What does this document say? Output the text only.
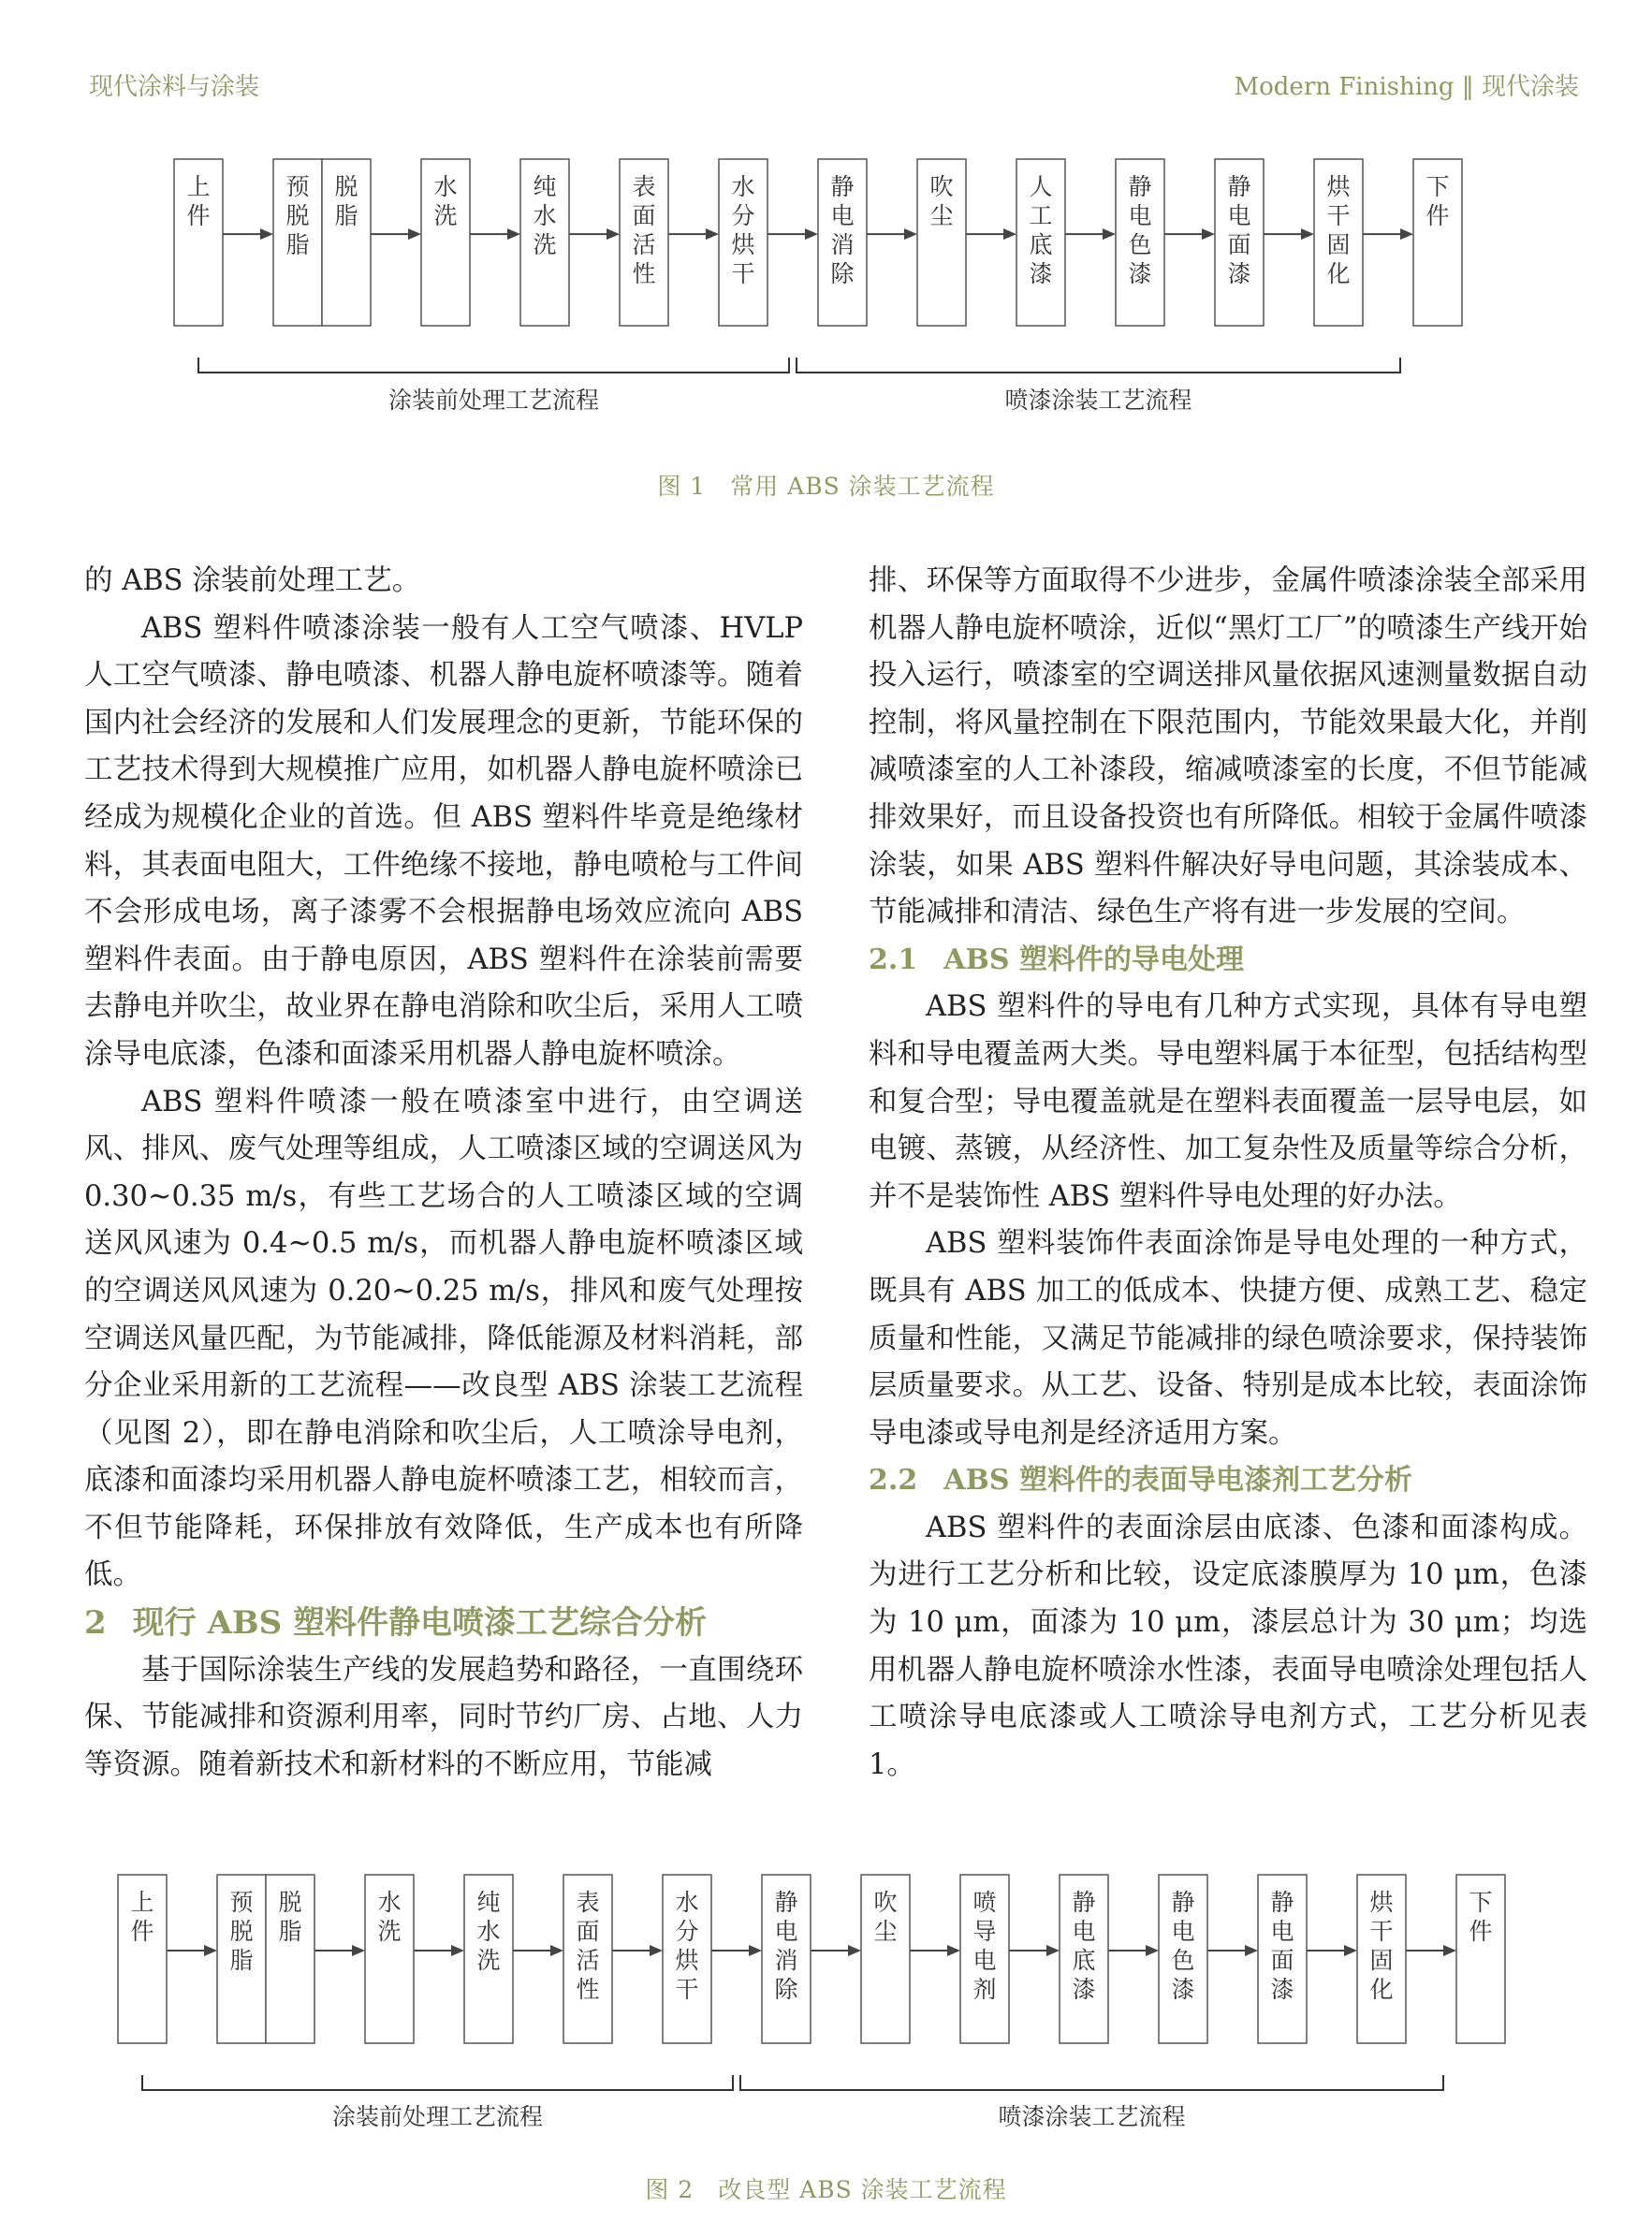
现代涂料与涂装	Modern Finishing ‖ 现代涂装
上
件
预
脱
脂
脱
脂
水
洗
纯
水
洗
表
面
活
性
水
分
烘
干
静
电
消
除
吹
尘
人
工
底
漆
静
电
色
漆
静
电
面
漆
烘
干
固
化
下
件
涂装前处理工艺流程	喷漆涂装工艺流程
图 1　常用 ABS 涂装工艺流程

的 ABS 涂装前处理工艺。

ABS 塑料件喷漆涂装一般有人工空气喷漆、HVLP 人工空气喷漆、静电喷漆、机器人静电旋杯喷漆等。随着国内社会经济的发展和人们发展理念的更新，节能环保的工艺技术得到大规模推广应用，如机器人静电旋杯喷涂已经成为规模化企业的首选。但 ABS 塑料件毕竟是绝缘材料，其表面电阻大，工件绝缘不接地，静电喷枪与工件间不会形成电场，离子漆雾不会根据静电场效应流向 ABS 塑料件表面。由于静电原因，ABS 塑料件在涂装前需要去静电并吹尘，故业界在静电消除和吹尘后，采用人工喷涂导电底漆，色漆和面漆采用机器人静电旋杯喷涂。

ABS 塑料件喷漆一般在喷漆室中进行，由空调送风、排风、废气处理等组成，人工喷漆区域的空调送风为 0.30~0.35 m/s，有些工艺场合的人工喷漆区域的空调送风风速为 0.4~0.5 m/s，而机器人静电旋杯喷漆区域的空调送风风速为 0.20~0.25 m/s，排风和废气处理按空调送风量匹配，为节能减排，降低能源及材料消耗，部分企业采用新的工艺流程——改良型 ABS 涂装工艺流程（见图 2），即在静电消除和吹尘后，人工喷涂导电剂，底漆和面漆均采用机器人静电旋杯喷漆工艺，相较而言，不但节能降耗，环保排放有效降低，生产成本也有所降低。

2 现行 ABS 塑料件静电喷漆工艺综合分析

基于国际涂装生产线的发展趋势和路径，一直围绕环保、节能减排和资源利用率，同时节约厂房、占地、人力等资源。随着新技术和新材料的不断应用，节能减

排、环保等方面取得不少进步，金属件喷漆涂装全部采用机器人静电旋杯喷涂，近似“黑灯工厂”的喷漆生产线开始投入运行，喷漆室的空调送排风量依据风速测量数据自动控制，将风量控制在下限范围内，节能效果最大化，并削减喷漆室的人工补漆段，缩减喷漆室的长度，不但节能减排效果好，而且设备投资也有所降低。相较于金属件喷漆涂装，如果 ABS 塑料件解决好导电问题，其涂装成本、节能减排和清洁、绿色生产将有进一步发展的空间。

2.1 ABS 塑料件的导电处理

ABS 塑料件的导电有几种方式实现，具体有导电塑料和导电覆盖两大类。导电塑料属于本征型，包括结构型和复合型；导电覆盖就是在塑料表面覆盖一层导电层，如电镀、蒸镀，从经济性、加工复杂性及质量等综合分析，并不是装饰性 ABS 塑料件导电处理的好办法。

ABS 塑料装饰件表面涂饰是导电处理的一种方式，既具有 ABS 加工的低成本、快捷方便、成熟工艺、稳定质量和性能，又满足节能减排的绿色喷涂要求，保持装饰层质量要求。从工艺、设备、特别是成本比较，表面涂饰导电漆或导电剂是经济适用方案。

2.2 ABS 塑料件的表面导电漆剂工艺分析

ABS 塑料件的表面涂层由底漆、色漆和面漆构成。为进行工艺分析和比较，设定底漆膜厚为 10 μm，色漆为 10 μm，面漆为 10 μm，漆层总计为 30 μm；均选用机器人静电旋杯喷涂水性漆，表面导电喷涂处理包括人工喷涂导电底漆或人工喷涂导电剂方式，工艺分析见表 1。

上
件
预
脱
脂
脱
脂
水
洗
纯
水
洗
表
面
活
性
水
分
烘
干
静
电
消
除
吹
尘
喷
导
电
剂
静
电
底
漆
静
电
色
漆
静
电
面
漆
烘
干
固
化
下
件
涂装前处理工艺流程	喷漆涂装工艺流程
图 2　改良型 ABS 涂装工艺流程
